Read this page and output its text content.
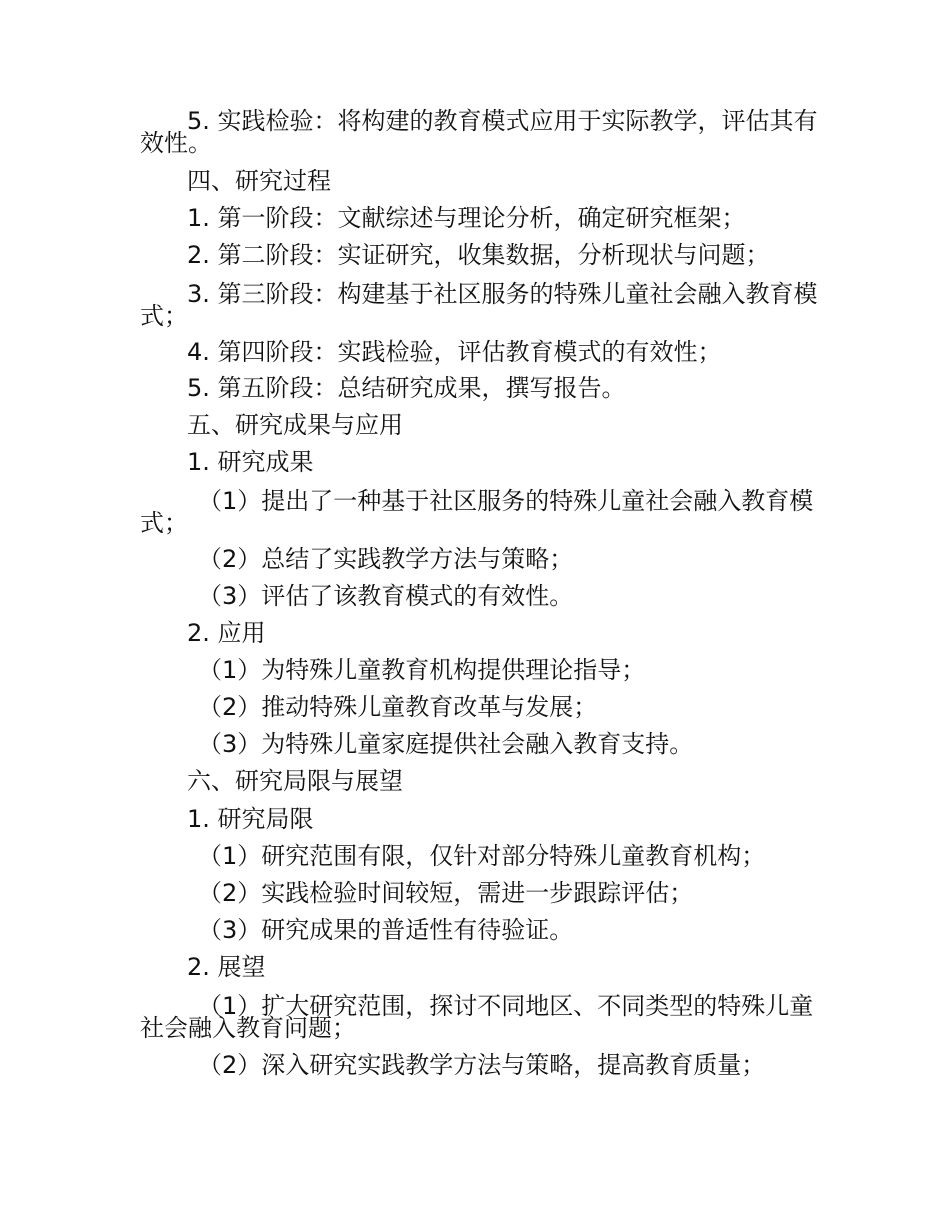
5. 实践检验：将构建的教育模式应用于实际教学，评估其有效性。
四、研究过程
1. 第一阶段：文献综述与理论分析，确定研究框架；
2. 第二阶段：实证研究，收集数据，分析现状与问题；
3. 第三阶段：构建基于社区服务的特殊儿童社会融入教育模式；
4. 第四阶段：实践检验，评估教育模式的有效性；
5. 第五阶段：总结研究成果，撰写报告。
五、研究成果与应用
1. 研究成果
（1）提出了一种基于社区服务的特殊儿童社会融入教育模式；
（2）总结了实践教学方法与策略；
（3）评估了该教育模式的有效性。
2. 应用
（1）为特殊儿童教育机构提供理论指导；
（2）推动特殊儿童教育改革与发展；
（3）为特殊儿童家庭提供社会融入教育支持。
六、研究局限与展望
1. 研究局限
（1）研究范围有限，仅针对部分特殊儿童教育机构；
（2）实践检验时间较短，需进一步跟踪评估；
（3）研究成果的普适性有待验证。
2. 展望
（1）扩大研究范围，探讨不同地区、不同类型的特殊儿童社会融入教育问题；
（2）深入研究实践教学方法与策略，提高教育质量；
